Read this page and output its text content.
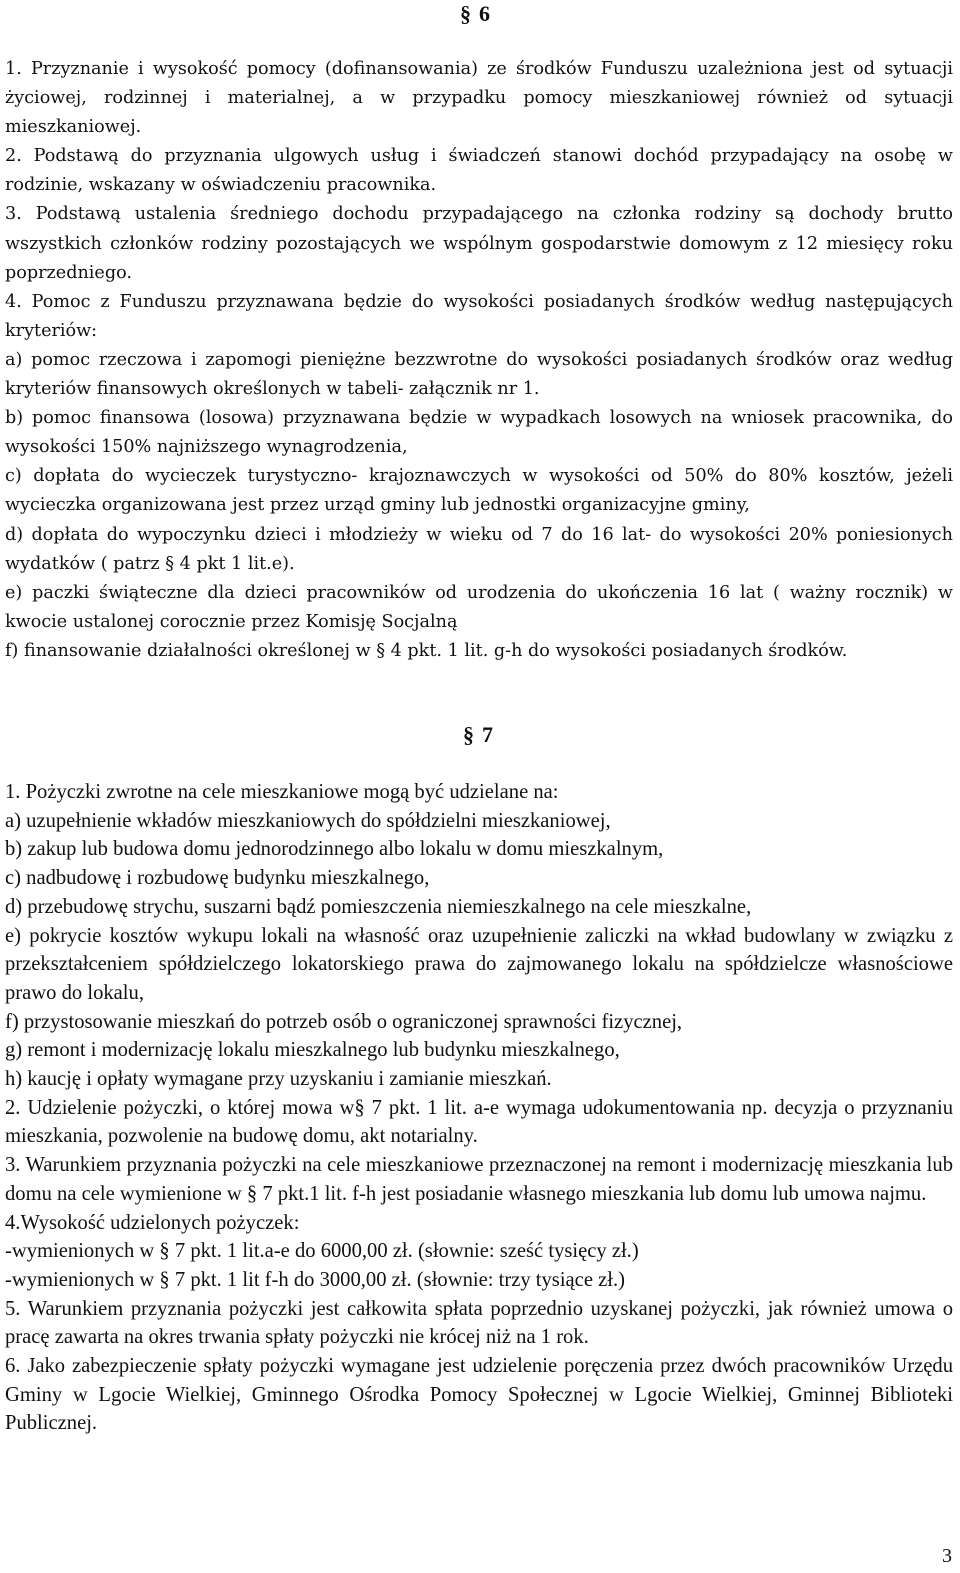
§ 6

1. Przyznanie i wysokość pomocy (dofinansowania) ze środków Funduszu uzależniona jest od sytuacji życiowej, rodzinnej i materialnej, a w przypadku pomocy mieszkaniowej również od sytuacji mieszkaniowej.

2. Podstawą do przyznania ulgowych usług i świadczeń stanowi dochód przypadający na osobę w rodzinie, wskazany w oświadczeniu pracownika.

3. Podstawą ustalenia średniego dochodu przypadającego na członka rodziny są dochody brutto wszystkich członków rodziny pozostających we wspólnym gospodarstwie domowym z 12 miesięcy roku poprzedniego.

4. Pomoc z Funduszu przyznawana będzie do wysokości posiadanych środków według następujących kryteriów:

a) pomoc rzeczowa i zapomogi pieniężne bezzwrotne do wysokości posiadanych środków oraz według kryteriów finansowych określonych w tabeli- załącznik nr 1.

b) pomoc finansowa (losowa) przyznawana będzie w wypadkach losowych na wniosek pracownika, do wysokości 150% najniższego wynagrodzenia,

c) dopłata do wycieczek turystyczno- krajoznawczych w wysokości od 50% do 80% kosztów, jeżeli wycieczka organizowana jest przez urząd gminy lub jednostki organizacyjne gminy,

d) dopłata do wypoczynku dzieci i młodzieży w wieku od 7 do 16 lat- do wysokości 20% poniesionych wydatków ( patrz § 4 pkt 1 lit.e).

e) paczki świąteczne dla dzieci pracowników od urodzenia do ukończenia 16 lat ( ważny rocznik) w kwocie ustalonej corocznie przez Komisję Socjalną

f) finansowanie działalności określonej w § 4 pkt. 1 lit. g-h do wysokości posiadanych środków.

§ 7

1. Pożyczki zwrotne na cele mieszkaniowe mogą być udzielane na:

a) uzupełnienie wkładów mieszkaniowych do spółdzielni mieszkaniowej,

b) zakup lub budowa domu jednorodzinnego albo lokalu w domu mieszkalnym,

c) nadbudowę i rozbudowę budynku mieszkalnego,

d) przebudowę strychu, suszarni bądź pomieszczenia niemieszkalnego na cele mieszkalne,

e) pokrycie kosztów wykupu lokali na własność oraz uzupełnienie zaliczki na wkład budowlany w związku z przekształceniem spółdzielczego lokatorskiego prawa do zajmowanego lokalu na spółdzielcze własnościowe prawo do lokalu,

f) przystosowanie mieszkań do potrzeb osób o ograniczonej sprawności fizycznej,

g) remont i modernizację lokalu mieszkalnego lub budynku mieszkalnego,

h) kaucję i opłaty wymagane przy uzyskaniu i zamianie mieszkań.

2. Udzielenie pożyczki, o której mowa w§ 7 pkt. 1 lit. a-e wymaga udokumentowania np. decyzja o przyznaniu mieszkania, pozwolenie na budowę domu, akt notarialny.

3. Warunkiem przyznania pożyczki na cele mieszkaniowe przeznaczonej na remont i modernizację mieszkania lub domu na cele wymienione w § 7 pkt.1 lit. f-h jest posiadanie własnego mieszkania lub domu lub umowa najmu.

4.Wysokość udzielonych pożyczek:

-wymienionych w § 7 pkt. 1 lit.a-e do 6000,00 zł. (słownie: sześć tysięcy zł.)

-wymienionych w § 7 pkt. 1 lit f-h do 3000,00 zł. (słownie: trzy tysiące zł.)

5. Warunkiem przyznania pożyczki jest całkowita spłata poprzednio uzyskanej pożyczki, jak również umowa o pracę zawarta na okres trwania spłaty pożyczki nie krócej niż na 1 rok.

6. Jako zabezpieczenie spłaty pożyczki wymagane jest udzielenie poręczenia przez dwóch pracowników Urzędu Gminy w Lgocie Wielkiej, Gminnego Ośrodka Pomocy Społecznej w Lgocie Wielkiej, Gminnej Biblioteki Publicznej.

3
